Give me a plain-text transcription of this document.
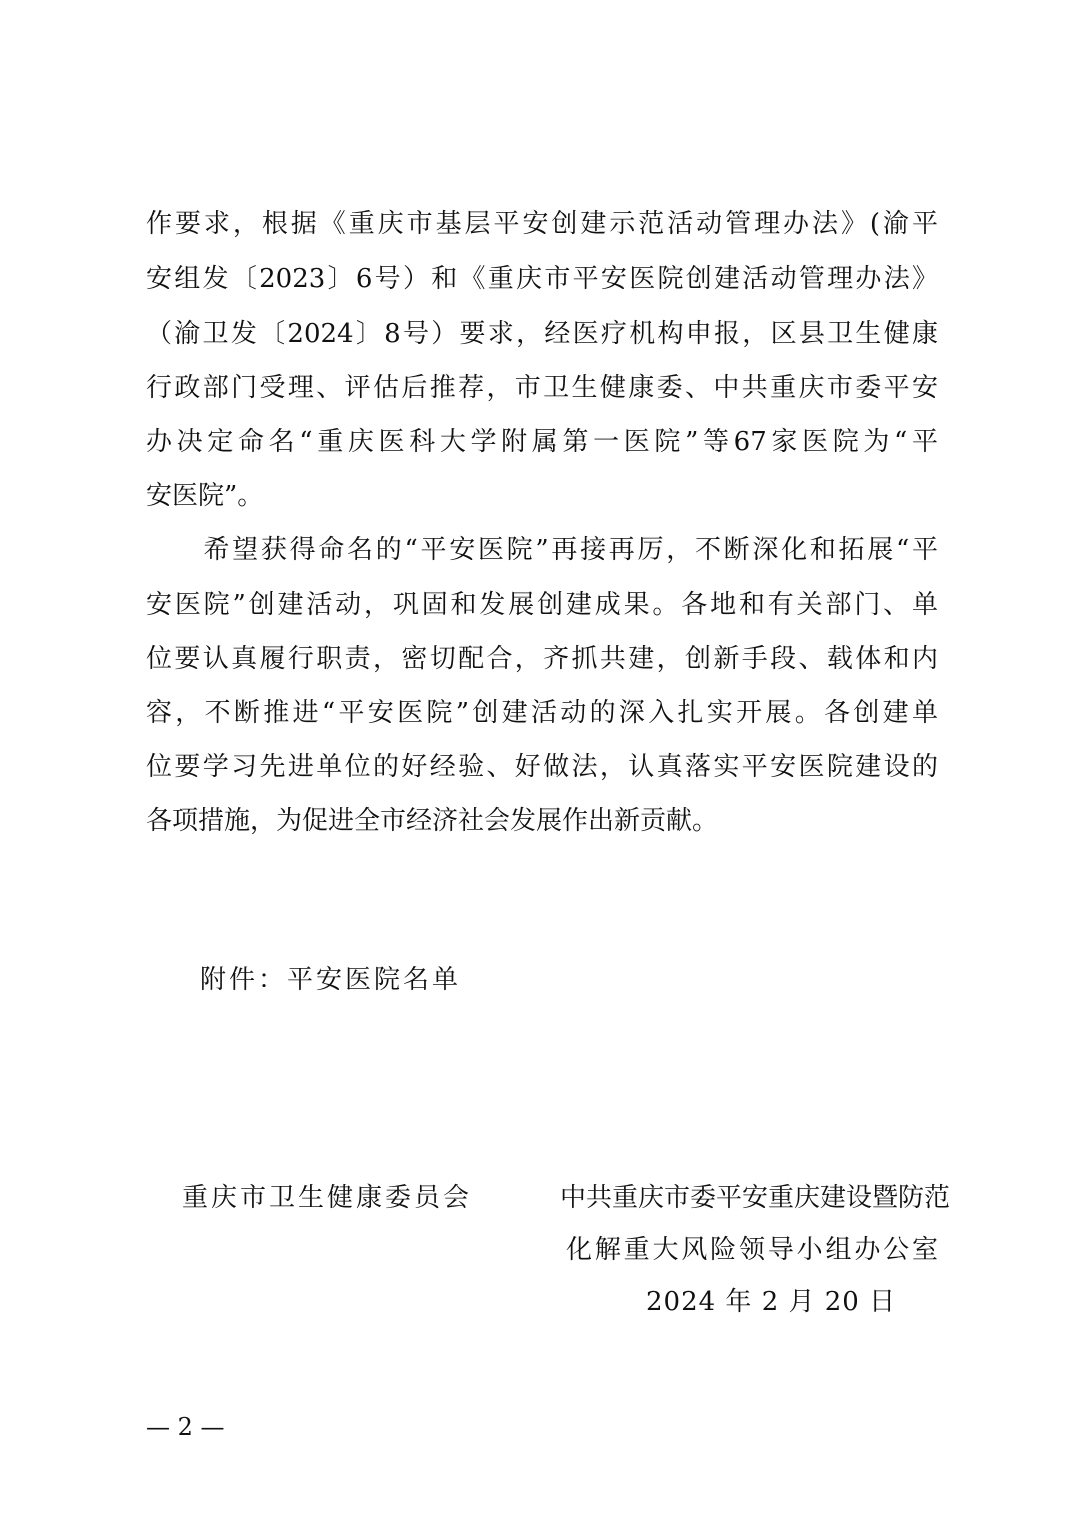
作要求，根据《重庆市基层平安创建示范活动管理办法》(渝平
安组发〔2023〕6号）和《重庆市平安医院创建活动管理办法》
（渝卫发〔2024〕8号）要求，经医疗机构申报，区县卫生健康
行政部门受理、评估后推荐，市卫生健康委、中共重庆市委平安
办决定命名“重庆医科大学附属第一医院”等67家医院为“平
安医院”。
　　希望获得命名的“平安医院”再接再厉，不断深化和拓展“平
安医院”创建活动，巩固和发展创建成果。各地和有关部门、单
位要认真履行职责，密切配合，齐抓共建，创新手段、载体和内
容，不断推进“平安医院”创建活动的深入扎实开展。各创建单
位要学习先进单位的好经验、好做法，认真落实平安医院建设的
各项措施，为促进全市经济社会发展作出新贡献。
附件：平安医院名单
重庆市卫生健康委员会	中共重庆市委平安重庆建设暨防范
化解重大风险领导小组办公室
2024 年 2 月 20 日
— 2 —
